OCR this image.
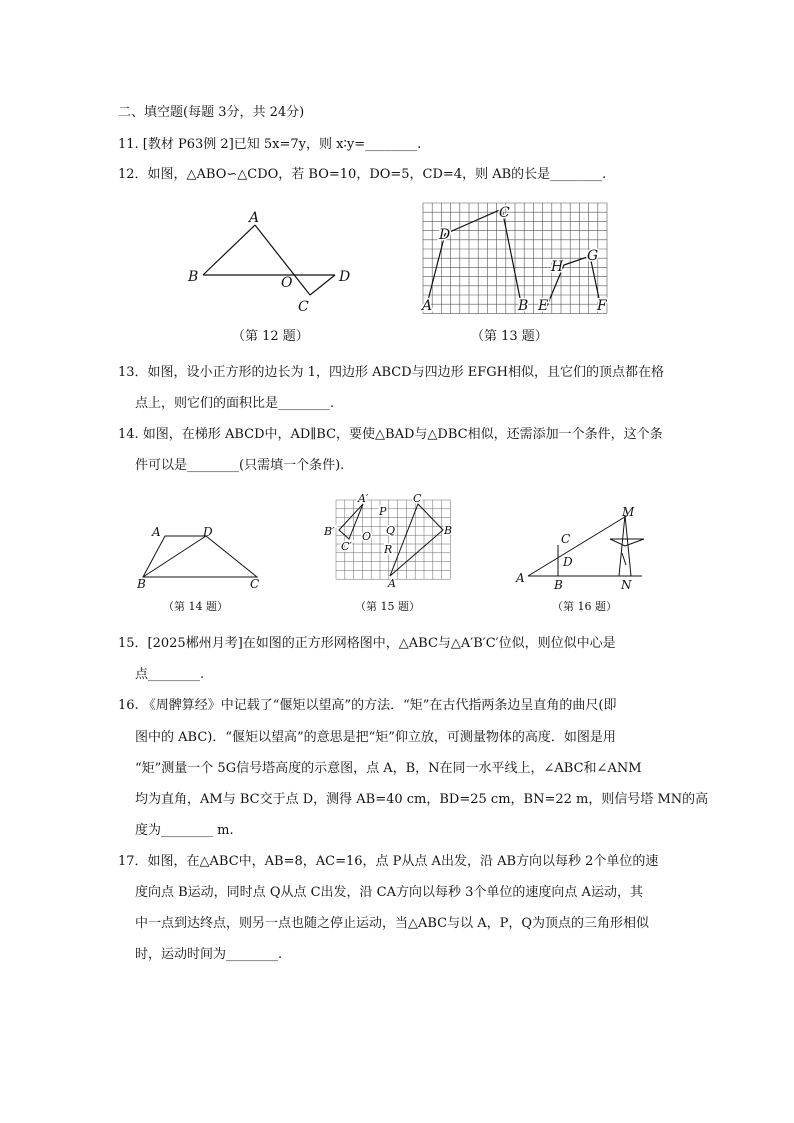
二、填空题(每题 3分，共 24分)
11. [教材 P63例 2]已知 5x=7y，则 x∶y=________.
12．如图，△ABO∽△CDO，若 BO=10，DO=5，CD=4，则 AB的长是________.
A
B	O
C
D
（第 12 题）
A	B
C
D
E	F
G
H
（第 13 题）
13．如图，设小正方形的边长为 1，四边形 ABCD与四边形 EFGH相似，且它们的顶点都在格
点上，则它们的面积比是________.
14. 如图，在梯形 ABCD中，AD∥BC，要使△BAD与△DBC相似，还需添加一个条件，这个条
件可以是________(只需填一个条件).
A	D
B	C
（第 14 题）
A′
B′
C′
O
P
Q
R
A
B
C
（第 15 题）
M
C
D
A B	N
（第 16 题）
15．[2025郴州月考]在如图的正方形网格图中，△ABC与△A′B′C′位似，则位似中心是
点________.
16. 《周髀算经》中记载了“偃矩以望高”的方法．“矩”在古代指两条边呈直角的曲尺(即
图中的 ABC)．“偃矩以望高”的意思是把“矩”仰立放，可测量物体的高度．如图是用
“矩”测量一个 5G信号塔高度的示意图，点 A，B，N在同一水平线上，∠ABC和∠ANM
均为直角，AM与 BC交于点 D，测得 AB=40 cm，BD=25 cm，BN=22 m，则信号塔 MN的高
度为________ m.
17．如图，在△ABC中，AB=8，AC=16，点 P从点 A出发，沿 AB方向以每秒 2个单位的速
度向点 B运动，同时点 Q从点 C出发，沿 CA方向以每秒 3个单位的速度向点 A运动，其
中一点到达终点，则另一点也随之停止运动，当△ABC与以 A，P，Q为顶点的三角形相似
时，运动时间为________.
